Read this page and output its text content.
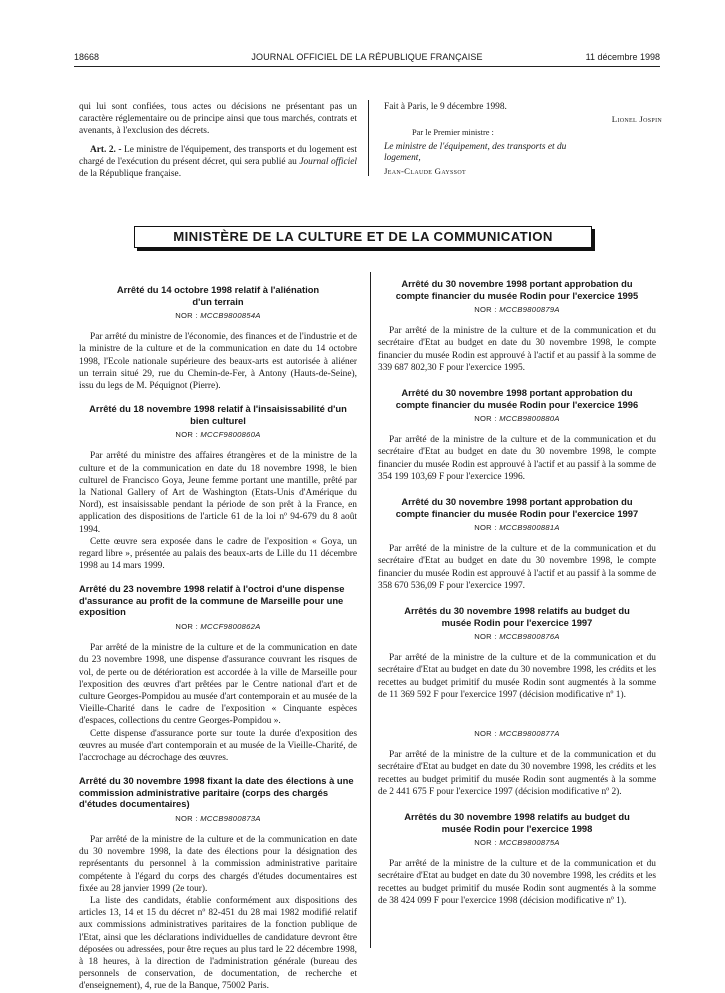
18668	JOURNAL OFFICIEL DE LA RÉPUBLIQUE FRANÇAISE	11 décembre 1998

qui lui sont confiées, tous actes ou décisions ne présentant pas un caractère réglementaire ou de principe ainsi que tous marchés, contrats et avenants, à l'exclusion des décrets.

Art. 2. - Le ministre de l'équipement, des transports et du logement est chargé de l'exécution du présent décret, qui sera publié au Journal officiel de la République française.

Fait à Paris, le 9 décembre 1998.
Lionel Jospin
Par le Premier ministre :
Le ministre de l'équipement, des transports et du logement,
Jean-Claude Gayssot
MINISTÈRE DE LA CULTURE ET DE LA COMMUNICATION
Arrêté du 14 octobre 1998 relatif à l'aliénation d'un terrain
NOR : MCCB9800854A

Par arrêté du ministre de l'économie, des finances et de l'industrie et de la ministre de la culture et de la communication en date du 14 octobre 1998, l'Ecole nationale supérieure des beaux-arts est autorisée à aliéner un terrain situé 29, rue du Chemin-de-Fer, à Antony (Hauts-de-Seine), issu du legs de M. Péquignot (Pierre).

Arrêté du 18 novembre 1998 relatif à l'insaisissabilité d'un bien culturel
NOR : MCCF9800860A

Par arrêté du ministre des affaires étrangères et de la ministre de la culture et de la communication en date du 18 novembre 1998, le bien culturel de Francisco Goya, Jeune femme portant une mantille, prêté par la National Gallery of Art de Washington (Etats-Unis d'Amérique du Nord), est insaisissable pendant la période de son prêt à la France, en application des dispositions de l'article 61 de la loi nº 94-679 du 8 août 1994.

Cette œuvre sera exposée dans le cadre de l'exposition « Goya, un regard libre », présentée au palais des beaux-arts de Lille du 11 décembre 1998 au 14 mars 1999.

Arrêté du 23 novembre 1998 relatif à l'octroi d'une dispense d'assurance au profit de la commune de Marseille pour une exposition
NOR : MCCF9800862A

Par arrêté de la ministre de la culture et de la communication en date du 23 novembre 1998, une dispense d'assurance couvrant les risques de vol, de perte ou de détérioration est accordée à la ville de Marseille pour l'exposition des œuvres d'art prêtées par le Centre national d'art et de culture Georges-Pompidou au musée d'art contemporain et au musée de la Vieille-Charité dans le cadre de l'exposition « Cinquante espèces d'espaces, collections du centre Georges-Pompidou ».

Cette dispense d'assurance porte sur toute la durée d'exposition des œuvres au musée d'art contemporain et au musée de la Vieille-Charité, de l'accrochage au décrochage des œuvres.

Arrêté du 30 novembre 1998 fixant la date des élections à une commission administrative paritaire (corps des chargés d'études documentaires)
NOR : MCCB9800873A

Par arrêté de la ministre de la culture et de la communication en date du 30 novembre 1998, la date des élections pour la désignation des représentants du personnel à la commission administrative paritaire compétente à l'égard du corps des chargés d'études documentaires est fixée au 28 janvier 1999 (2e tour).

La liste des candidats, établie conformément aux dispositions des articles 13, 14 et 15 du décret nº 82-451 du 28 mai 1982 modifié relatif aux commissions administratives paritaires de la fonction publique de l'Etat, ainsi que les déclarations individuelles de candidature devront être déposées ou adressées, pour être reçues au plus tard le 22 décembre 1998, à 18 heures, à la direction de l'administration générale (bureau des personnels de conservation, de documentation, de recherche et d'enseignement), 4, rue de la Banque, 75002 Paris.

Arrêté du 30 novembre 1998 portant approbation du compte financier du musée Rodin pour l'exercice 1995
NOR : MCCB9800879A

Par arrêté de la ministre de la culture et de la communication et du secrétaire d'Etat au budget en date du 30 novembre 1998, le compte financier du musée Rodin est approuvé à l'actif et au passif à la somme de 339 687 802,30 F pour l'exercice 1995.

Arrêté du 30 novembre 1998 portant approbation du compte financier du musée Rodin pour l'exercice 1996
NOR : MCCB9800880A

Par arrêté de la ministre de la culture et de la communication et du secrétaire d'Etat au budget en date du 30 novembre 1998, le compte financier du musée Rodin est approuvé à l'actif et au passif à la somme de 354 199 103,69 F pour l'exercice 1996.

Arrêté du 30 novembre 1998 portant approbation du compte financier du musée Rodin pour l'exercice 1997
NOR : MCCB9800881A

Par arrêté de la ministre de la culture et de la communication et du secrétaire d'Etat au budget en date du 30 novembre 1998, le compte financier du musée Rodin est approuvé à l'actif et au passif à la somme de 358 670 536,09 F pour l'exercice 1997.

Arrêtés du 30 novembre 1998 relatifs au budget du musée Rodin pour l'exercice 1997
NOR : MCCB9800876A

Par arrêté de la ministre de la culture et de la communication et du secrétaire d'Etat au budget en date du 30 novembre 1998, les crédits et les recettes au budget primitif du musée Rodin sont augmentés à la somme de 11 369 592 F pour l'exercice 1997 (décision modificative nº 1).

NOR : MCCB9800877A

Par arrêté de la ministre de la culture et de la communication et du secrétaire d'Etat au budget en date du 30 novembre 1998, les crédits et les recettes au budget primitif du musée Rodin sont augmentés à la somme de 2 441 675 F pour l'exercice 1997 (décision modificative nº 2).

Arrêtés du 30 novembre 1998 relatifs au budget du musée Rodin pour l'exercice 1998
NOR : MCCB9800875A

Par arrêté de la ministre de la culture et de la communication et du secrétaire d'Etat au budget en date du 30 novembre 1998, les crédits et les recettes au budget primitif du musée Rodin sont augmentés à la somme de 38 424 099 F pour l'exercice 1998 (décision modificative nº 1).
